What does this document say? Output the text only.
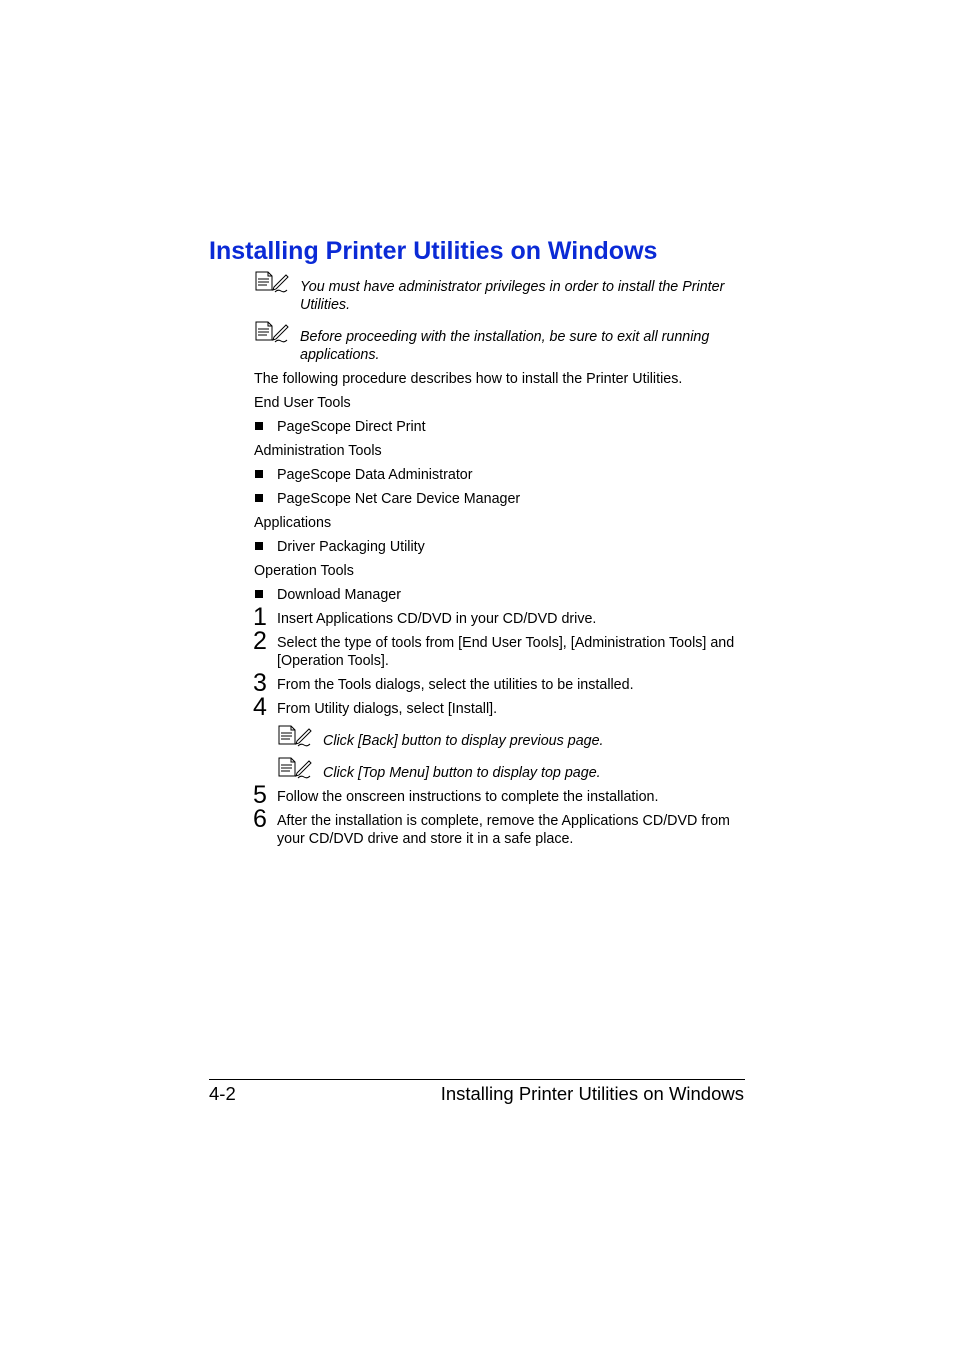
Installing Printer Utilities on Windows
You must have administrator privileges in order to install the Printer Utilities.
Before proceeding with the installation, be sure to exit all running applications.
The following procedure describes how to install the Printer Utilities.
End User Tools
PageScope Direct Print
Administration Tools
PageScope Data Administrator
PageScope Net Care Device Manager
Applications
Driver Packaging Utility
Operation Tools
Download Manager
1 Insert Applications CD/DVD in your CD/DVD drive.
2 Select the type of tools from [End User Tools], [Administration Tools] and [Operation Tools].
3 From the Tools dialogs, select the utilities to be installed.
4 From Utility dialogs, select [Install].
Click [Back] button to display previous page.
Click [Top Menu] button to display top page.
5 Follow the onscreen instructions to complete the installation.
6 After the installation is complete, remove the Applications CD/DVD from your CD/DVD drive and store it in a safe place.
4-2	Installing Printer Utilities on Windows
